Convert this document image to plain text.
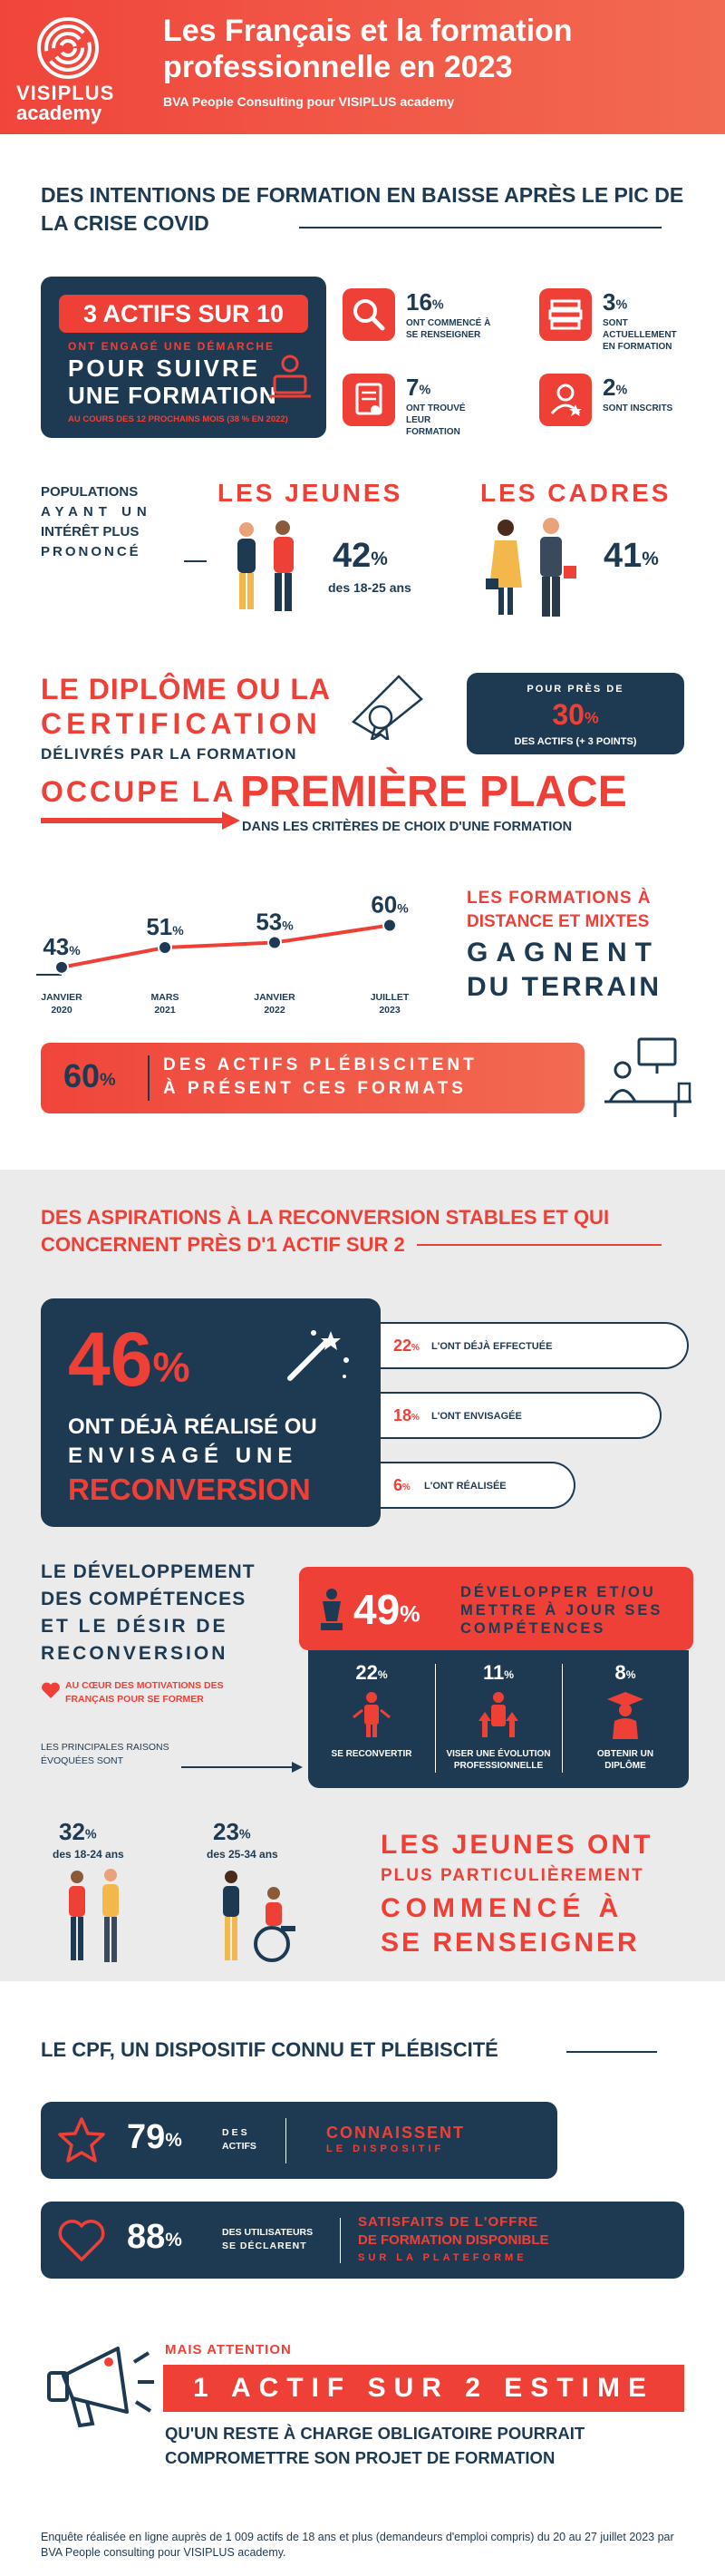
VISIPLUS
academy
Les Français et la formation professionnelle en 2023
BVA People Consulting pour VISIPLUS academy
DES INTENTIONS DE FORMATION EN BAISSE APRÈS LE PIC DE LA CRISE COVID
3 ACTIFS SUR 10
ONT ENGAGÉ UNE DÉMARCHE
POUR SUIVRE
UNE FORMATION
AU COURS DES 12 PROCHAINS MOIS (38 % EN 2022)
16%
ONT COMMENCÉ À SE RENSEIGNER
3%
SONT ACTUELLEMENT EN FORMATION
7%
ONT TROUVÉ LEUR FORMATION
2%
SONT INSCRITS
POPULATIONS
AYANT UN
INTÉRÊT PLUS
PRONONCÉ
LES JEUNES
42%
des 18-25 ans
LES CADRES
41%
LE DIPLÔME OU LA
CERTIFICATION
DÉLIVRÉS PAR LA FORMATION
POUR PRÈS DE
30%
DES ACTIFS (+ 3 POINTS)
OCCUPE LA PREMIÈRE PLACE
DANS LES CRITÈRES DE CHOIX D'UNE FORMATION
43%
JANVIER
2020
51%
MARS
2021
53%
JANVIER
2022
60%
JUILLET
2023
LES FORMATIONS À
DISTANCE ET MIXTES
GAGNENT
DU TERRAIN
60%
DES ACTIFS PLÉBISCITENT
À PRÉSENT CES FORMATS
DES ASPIRATIONS À LA RECONVERSION STABLES ET QUI
CONCERNENT PRÈS D'1 ACTIF SUR 2
46%
ONT DÉJÀ RÉALISÉ OU
ENVISAGÉ UNE
RECONVERSION
22% L'ONT DÉJÀ EFFECTUÉE
18% L'ONT ENVISAGÉE
6% L'ONT RÉALISÉE
LE DÉVELOPPEMENT
DES COMPÉTENCES
ET LE DÉSIR DE
RECONVERSION
AU CŒUR DES MOTIVATIONS DES FRANÇAIS POUR SE FORMER
LES PRINCIPALES RAISONS ÉVOQUÉES SONT
49%
DÉVELOPPER ET/OU METTRE À JOUR SES COMPÉTENCES
22%
SE RECONVERTIR
11%
VISER UNE ÉVOLUTION PROFESSIONNELLE
8%
OBTENIR UN DIPLÔME
32%
des 18-24 ans
23%
des 25-34 ans	LES JEUNES ONT
PLUS PARTICULIÈREMENT
COMMENCÉ À
SE RENSEIGNER
LE CPF, UN DISPOSITIF CONNU ET PLÉBISCITÉ
79%	DES
ACTIFS
CONNAISSENT
LE DISPOSITIF
88%	DES UTILISATEURS
SE DÉCLARENT
SATISFAITS DE L'OFFRE
DE FORMATION DISPONIBLE
SUR LA PLATEFORME
MAIS ATTENTION
1 ACTIF SUR 2 ESTIME
QU'UN RESTE À CHARGE OBLIGATOIRE POURRAIT
COMPROMETTRE SON PROJET DE FORMATION
Enquête réalisée en ligne auprès de 1 009 actifs de 18 ans et plus (demandeurs d'emploi compris) du 20 au 27 juillet 2023 par BVA People consulting pour VISIPLUS academy.
